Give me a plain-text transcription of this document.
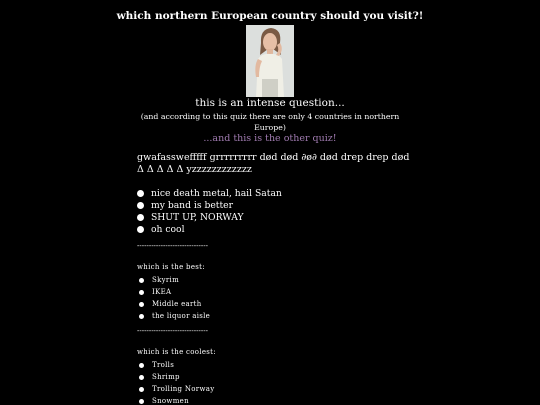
which northern European country should you visit?!
this is an intense question...
(and according to this quiz there are only 4 countries in northern Europe)
...and this is the other quiz!
gwafasswefffff grrrrrrrrr død død ∂ø∂ død drep drep død Δ Δ Δ Δ Δ yzzzzzzzzzzzz
nice death metal, hail Satan
my band is better
SHUT UP, NORWAY
oh cool
------------------------------
which is the best:
Skyrim
IKEA
Middle earth
the liquor aisle
------------------------------
which is the coolest:
Trolls
Shrimp
Trolling Norway
Snowmen
